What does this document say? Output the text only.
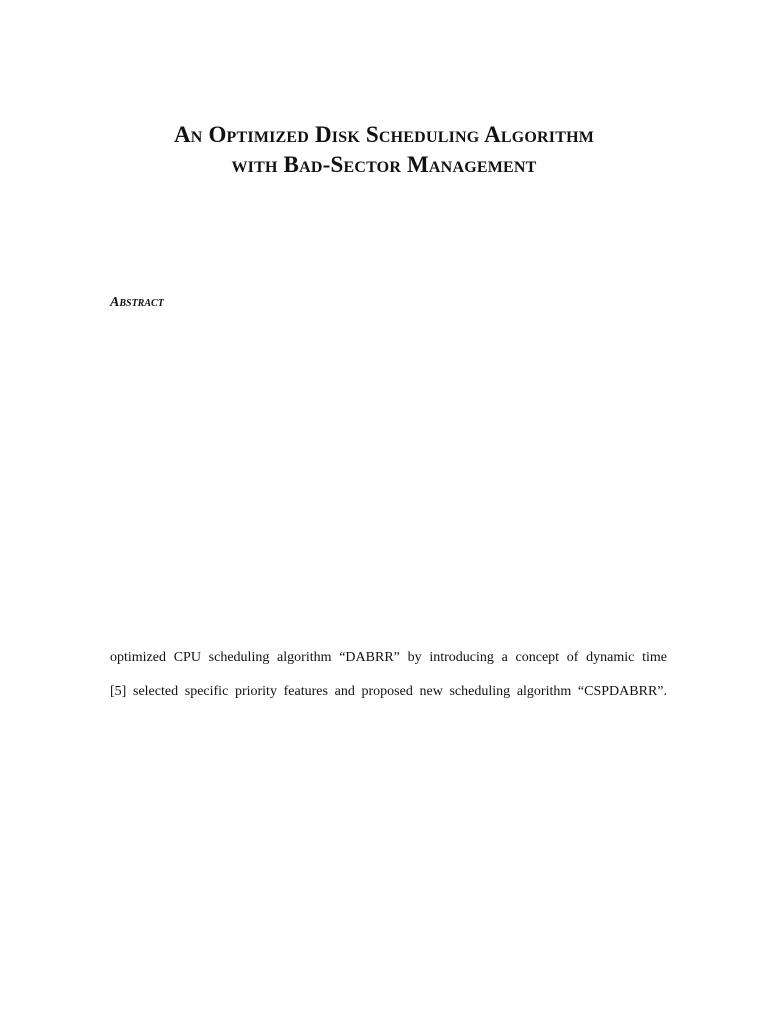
An Optimized Disk Scheduling Algorithm
with Bad-Sector Management
Abstract

optimized CPU scheduling algorithm “DABRR” by introducing a concept of dynamic time

[5] selected specific priority features and proposed new scheduling algorithm “CSPDABRR”.
